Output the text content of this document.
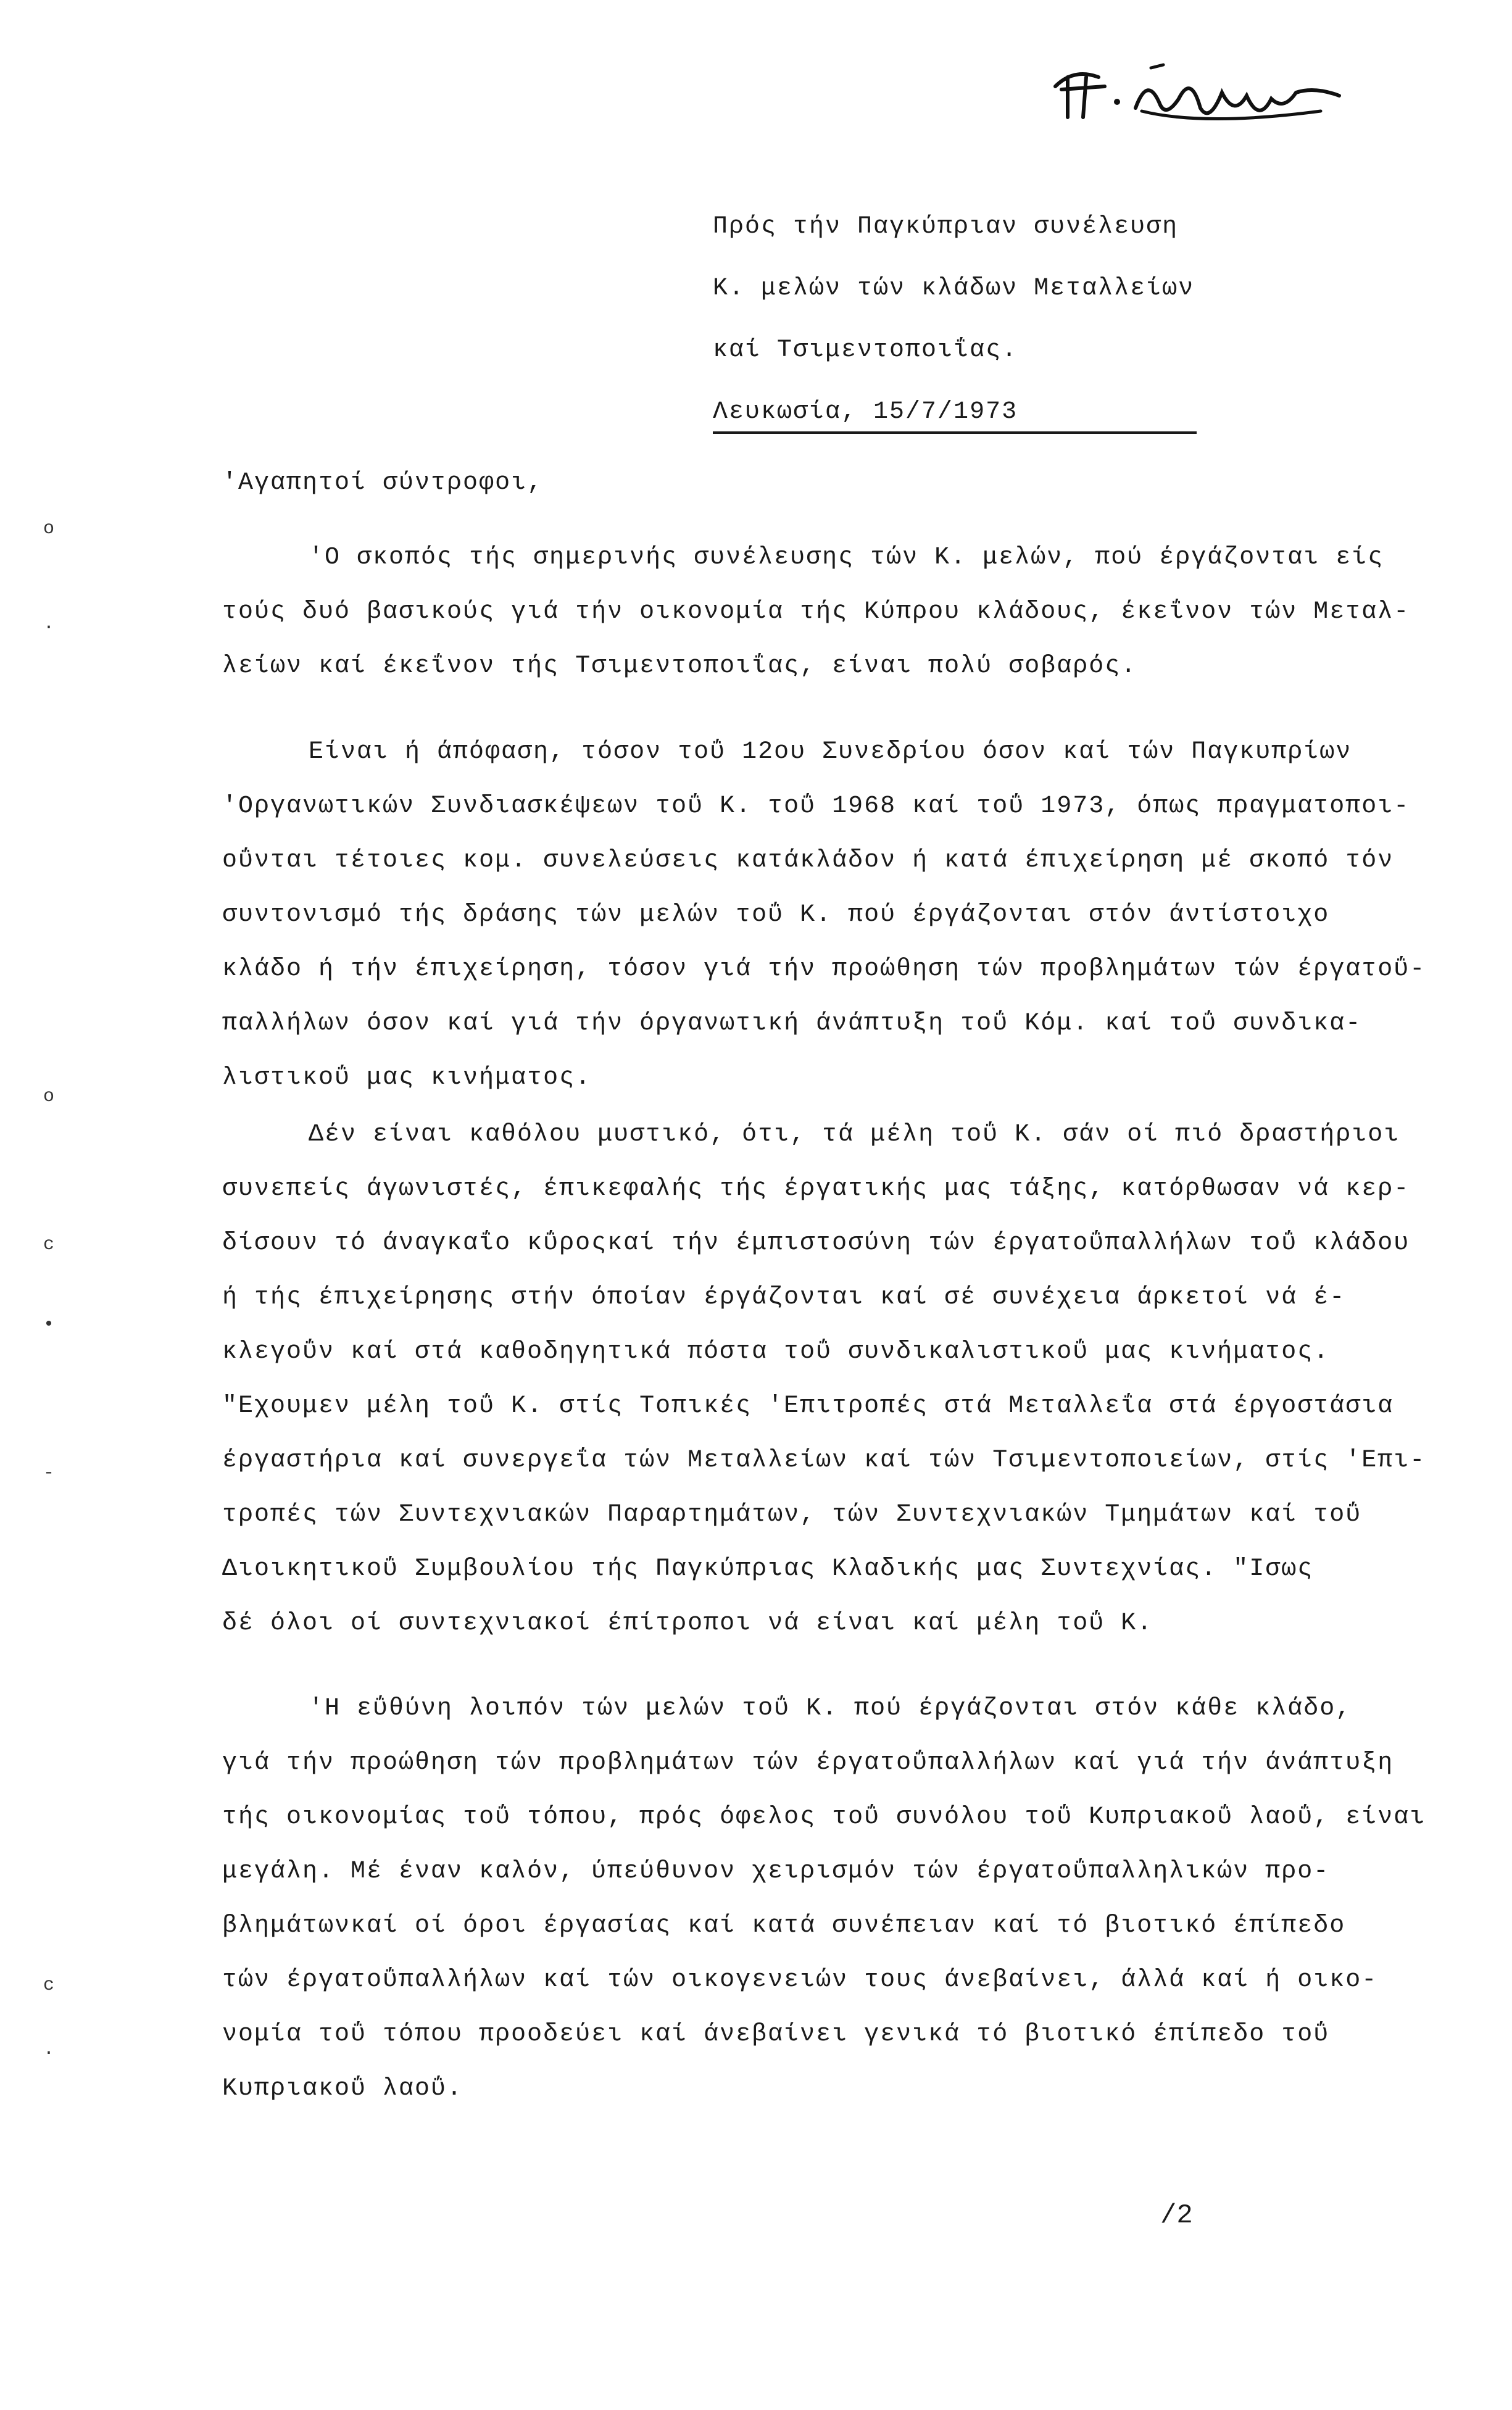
Πρός τήν Παγκύπριαν συνέλευση
Κ. μελών τών κλάδων Μεταλλείων
καί Τσιμεντοποιΐας.
Λευκωσία, 15/7/1973
'Αγαπητοί σύντροφοι,
'Ο σκοπός τής σημερινής συνέλευσης τών Κ. μελών, πού έργάζονται είς
τούς δυό βασικούς γιά τήν οικονομία τής Κύπρου κλάδους, έκεΐνον τών Μεταλ-
λείων καί έκεΐνον τής Τσιμεντοποιΐας, είναι πολύ σοβαρός.
Είναι ή άπόφαση, τόσον τοΰ 12ου Συνεδρίου όσον καί τών Παγκυπρίων
'Οργανωτικών Συνδιασκέψεων τοΰ Κ. τοΰ 1968 καί τοΰ 1973, όπως πραγματοποι-
οΰνται τέτοιες κομ. συνελεύσεις κατάκλάδον ή κατά έπιχείρηση μέ σκοπό τόν
συντονισμό τής δράσης τών μελών τοΰ Κ. πού έργάζονται στόν άντίστοιχο
κλάδο ή τήν έπιχείρηση, τόσον γιά τήν προώθηση τών προβλημάτων τών έργατοΰ-
παλλήλων όσον καί γιά τήν όργανωτική άνάπτυξη τοΰ Κόμ. καί τοΰ συνδικα-
λιστικοΰ μας κινήματος.
Δέν είναι καθόλου μυστικό, ότι, τά μέλη τοΰ Κ. σάν οί πιό δραστήριοι
συνεπείς άγωνιστές, έπικεφαλής τής έργατικής μας τάξης, κατόρθωσαν νά κερ-
δίσουν τό άναγκαΐο κΰροςκαί τήν έμπιστοσύνη τών έργατοΰπαλλήλων τοΰ κλάδου
ή τής έπιχείρησης στήν όποίαν έργάζονται καί σέ συνέχεια άρκετοί νά έ-
κλεγοΰν καί στά καθοδηγητικά πόστα τοΰ συνδικαλιστικοΰ μας κινήματος.
"Εχουμεν μέλη τοΰ Κ. στίς Τοπικές 'Επιτροπές στά Μεταλλεΐα στά έργοστάσια
έργαστήρια καί συνεργεΐα τών Μεταλλείων καί τών Τσιμεντοποιείων, στίς 'Επι-
τροπές τών Συντεχνιακών Παραρτημάτων, τών Συντεχνιακών Τμημάτων καί τοΰ
Διοικητικοΰ Συμβουλίου τής Παγκύπριας Κλαδικής μας Συντεχνίας. "Ισως
δέ όλοι οί συντεχνιακοί έπίτροποι νά είναι καί μέλη τοΰ Κ.
'Η εΰθύνη λοιπόν τών μελών τοΰ Κ. πού έργάζονται στόν κάθε κλάδο,
γιά τήν προώθηση τών προβλημάτων τών έργατοΰπαλλήλων καί γιά τήν άνάπτυξη
τής οικονομίας τοΰ τόπου, πρός όφελος τοΰ συνόλου τοΰ Κυπριακοΰ λαοΰ, είναι
μεγάλη. Μέ έναν καλόν, ύπεύθυνον χειρισμόν τών έργατοΰπαλληλικών προ-
βλημάτωνκαί οί όροι έργασίας καί κατά συνέπειαν καί τό βιοτικό έπίπεδο
τών έργατοΰπαλλήλων καί τών οικογενειών τους άνεβαίνει, άλλά καί ή οικο-
νομία τοΰ τόπου προοδεύει καί άνεβαίνει γενικά τό βιοτικό έπίπεδο τοΰ
Κυπριακοΰ λαοΰ.
/2
o
·
o
c
•
-
c
·
